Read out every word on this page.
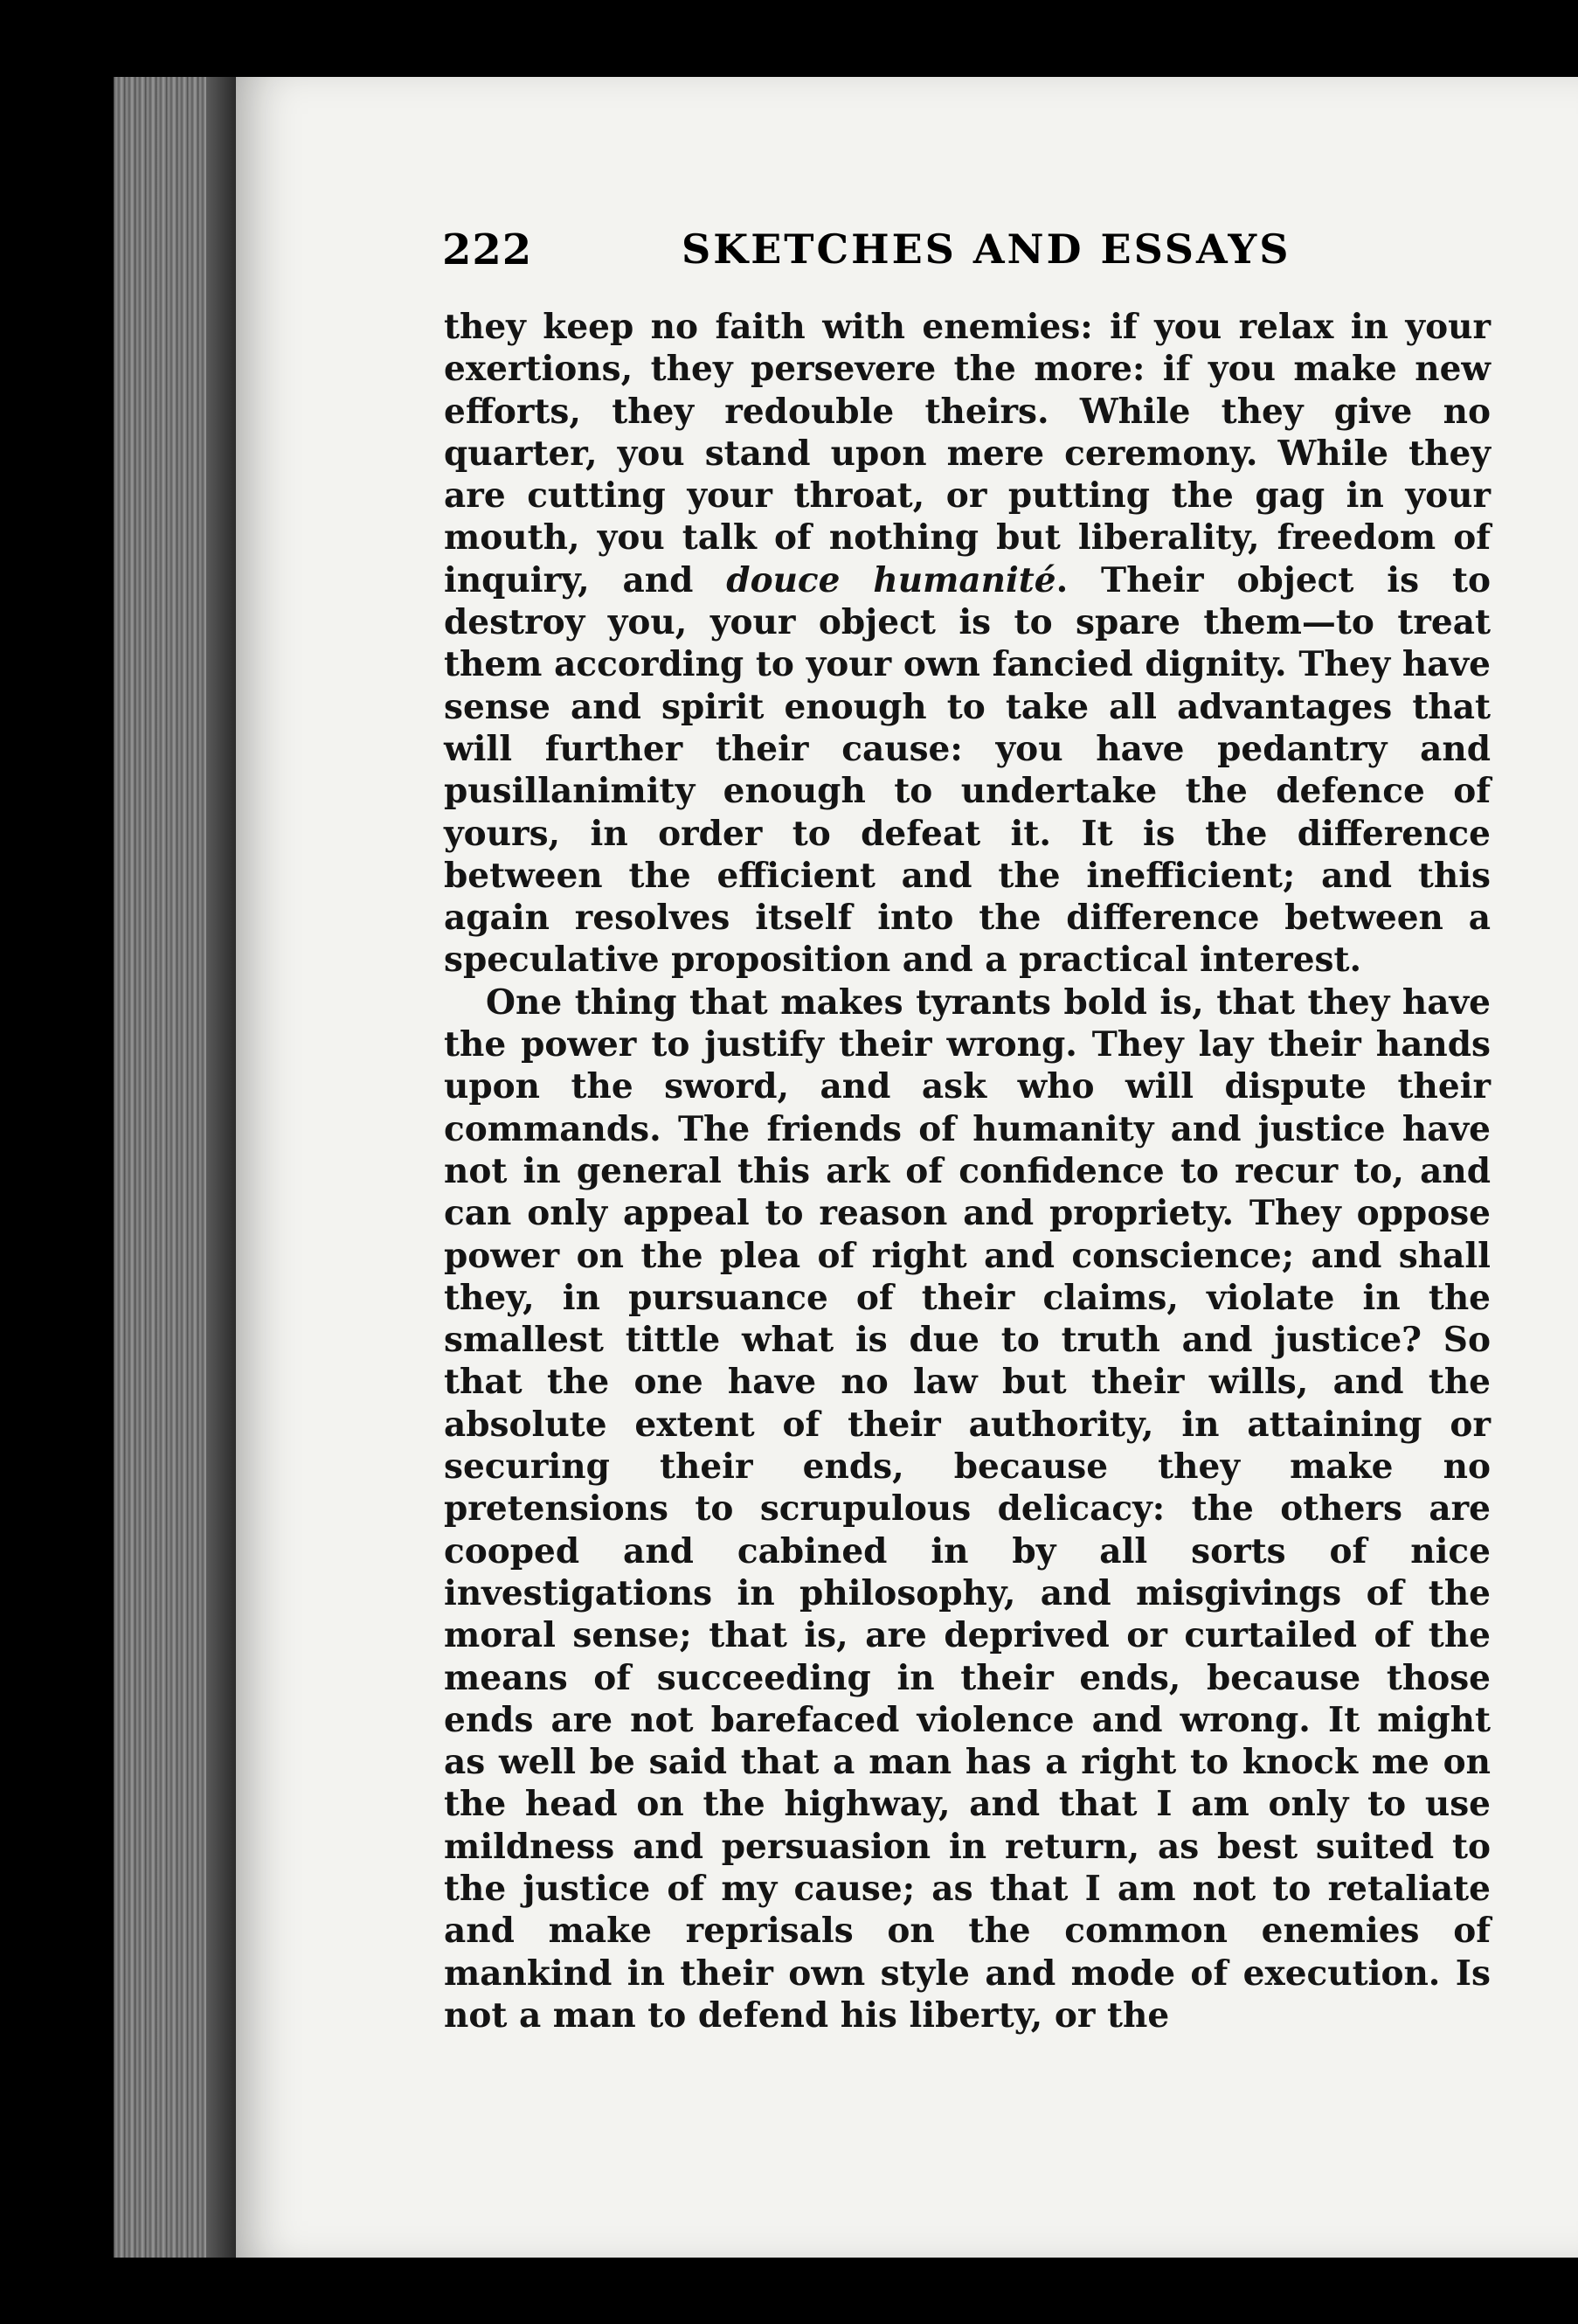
222	SKETCHES AND ESSAYS

they keep no faith with enemies: if you relax in your exertions, they persevere the more: if you make new efforts, they redouble theirs. While they give no quarter, you stand upon mere ceremony. While they are cutting your throat, or putting the gag in your mouth, you talk of nothing but liberality, freedom of inquiry, and douce humanité. Their object is to destroy you, your object is to spare them—to treat them according to your own fancied dignity. They have sense and spirit enough to take all advantages that will further their cause: you have pedantry and pusillanimity enough to undertake the defence of yours, in order to defeat it. It is the difference between the efficient and the inefficient; and this again resolves itself into the difference between a speculative proposition and a practical interest.

One thing that makes tyrants bold is, that they have the power to justify their wrong. They lay their hands upon the sword, and ask who will dispute their commands. The friends of humanity and justice have not in general this ark of confidence to recur to, and can only appeal to reason and propriety. They oppose power on the plea of right and conscience; and shall they, in pursuance of their claims, violate in the smallest tittle what is due to truth and justice? So that the one have no law but their wills, and the absolute extent of their authority, in attaining or securing their ends, because they make no pretensions to scrupulous delicacy: the others are cooped and cabined in by all sorts of nice investigations in philosophy, and misgivings of the moral sense; that is, are deprived or curtailed of the means of succeeding in their ends, because those ends are not barefaced violence and wrong. It might as well be said that a man has a right to knock me on the head on the highway, and that I am only to use mildness and persuasion in return, as best suited to the justice of my cause; as that I am not to retaliate and make reprisals on the common enemies of mankind in their own style and mode of execution. Is not a man to defend his liberty, or the
